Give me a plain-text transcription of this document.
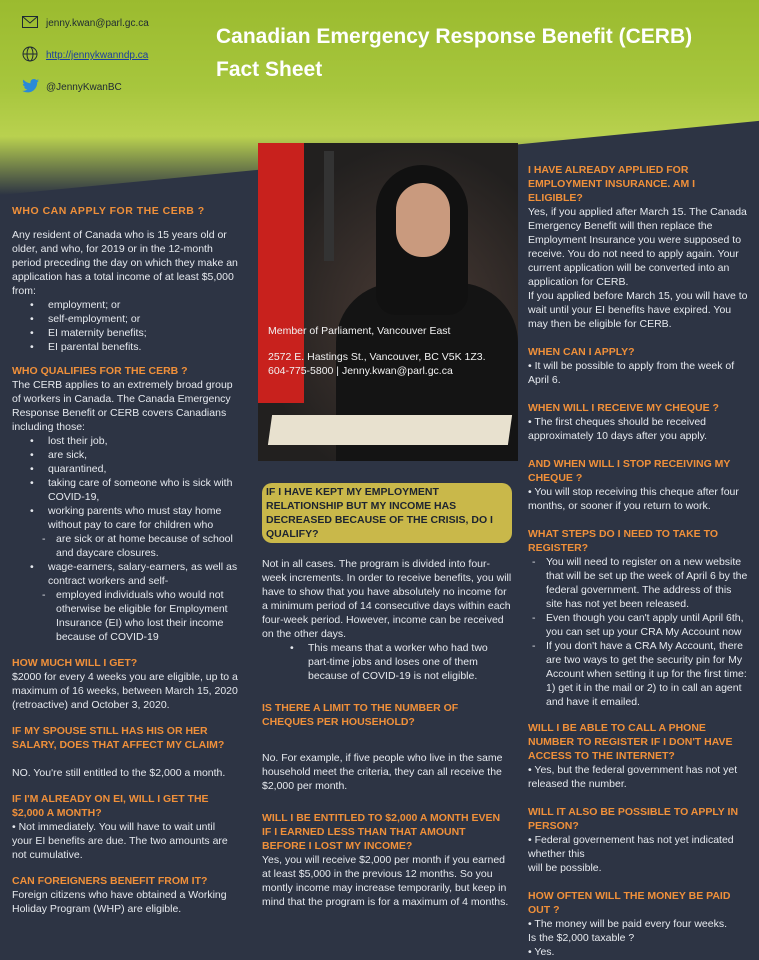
jenny.kwan@parl.gc.ca
http://jennykwanndp.ca
@JennyKwanBC
Canadian Emergency Response Benefit (CERB)
Fact Sheet
Member of Parliament, Vancouver East
2572 E. Hastings St., Vancouver, BC V5K 1Z3.
604-775-5800 | Jenny.kwan@parl.gc.ca

WHO CAN APPLY FOR THE CERB ?

Any resident of Canada who is 15 years old or older, and who, for 2019 or in the 12-month period preceding the day on which they make an application has a total income of at least $5,000 from:

• employment; or
• self-employment; or
• EI maternity benefits;
• EI parental benefits.

WHO QUALIFIES FOR THE CERB ?

The CERB applies to an extremely broad group of workers in Canada. The Canada Emergency Response Benefit or CERB covers Canadians including those:

• lost their job,
• are sick,
• quarantined,
• taking care of someone who is sick with COVID-19,
• working parents who must stay home without pay to care for children who
- are sick or at home because of school and daycare closures.
• wage-earners, salary-earners, as well as contract workers and self-
- employed individuals who would not otherwise be eligible for Employment Insurance (EI) who lost their income because of COVID-19

HOW MUCH WILL I GET?

$2000 for every 4 weeks you are eligible, up to a maximum of 16 weeks, between March 15, 2020 (retroactive) and October 3, 2020.

IF MY SPOUSE STILL HAS HIS OR HER SALARY, DOES THAT AFFECT MY CLAIM?

NO. You're still entitled to the $2,000 a month.

IF I'M ALREADY ON EI, WILL I GET THE $2,000 A MONTH?

• Not immediately. You will have to wait until your EI benefits are due. The two amounts are not cumulative.

CAN FOREIGNERS BENEFIT FROM IT?

Foreign citizens who have obtained a Working Holiday Program (WHP) are eligible.

IF I HAVE KEPT MY EMPLOYMENT RELATIONSHIP BUT MY INCOME HAS DECREASED BECAUSE OF THE CRISIS, DO I QUALIFY?

Not in all cases. The program is divided into four-week increments. In order to receive benefits, you will have to show that you have absolutely no income for a minimum period of 14 consecutive days within each four-week period. However, income can be received on the other days.

• This means that a worker who had two part-time jobs and loses one of them because of COVID-19 is not eligible.

IS THERE A LIMIT TO THE NUMBER OF CHEQUES PER HOUSEHOLD?

No. For example, if five people who live in the same household meet the criteria, they can all receive the $2,000 per month.

WILL I BE ENTITLED TO $2,000 A MONTH EVEN IF I EARNED LESS THAN THAT AMOUNT BEFORE I LOST MY INCOME?

Yes, you will receive $2,000 per month if you earned at least $5,000 in the previous 12 months. So you montly income may increase temporarily, but keep in mind that the program is for a maximum of 4 months.

I HAVE ALREADY APPLIED FOR EMPLOYMENT INSURANCE. AM I ELIGIBLE?

Yes, if you applied after March 15. The Canada Emergency Benefit will then replace the Employment Insurance you were supposed to receive. You do not need to apply again. Your current application will be converted into an application for CERB.

If you applied before March 15, you will have to wait until your EI benefits have expired. You may then be eligible for CERB.

WHEN CAN I APPLY?

• It will be possible to apply from the week of April 6.

WHEN WILL I RECEIVE MY CHEQUE ?

• The first cheques should be received approximately 10 days after you apply.

AND WHEN WILL I STOP RECEIVING MY CHEQUE ?

• You will stop receiving this cheque after four months, or sooner if you return to work.

WHAT STEPS DO I NEED TO TAKE TO REGISTER?

- You will need to register on a new website that will be set up the week of April 6 by the federal government. The address of this site has not yet been released.
- Even though you can't apply until April 6th, you can set up your CRA My Account now
- If you don't have a CRA My Account, there are two ways to get the security pin for My Account when setting it up for the first time: 1) get it in the mail or 2) to in call an agent and have it emailed.

WILL I BE ABLE TO CALL A PHONE NUMBER TO REGISTER IF I DON'T HAVE ACCESS TO THE INTERNET?

• Yes, but the federal government has not yet released the number.

WILL IT ALSO BE POSSIBLE TO APPLY IN PERSON?

• Federal governement has not yet indicated whether this

will be possible.

HOW OFTEN WILL THE MONEY BE PAID OUT ?

• The money will be paid every four weeks.

Is the $2,000 taxable ?

• Yes.
